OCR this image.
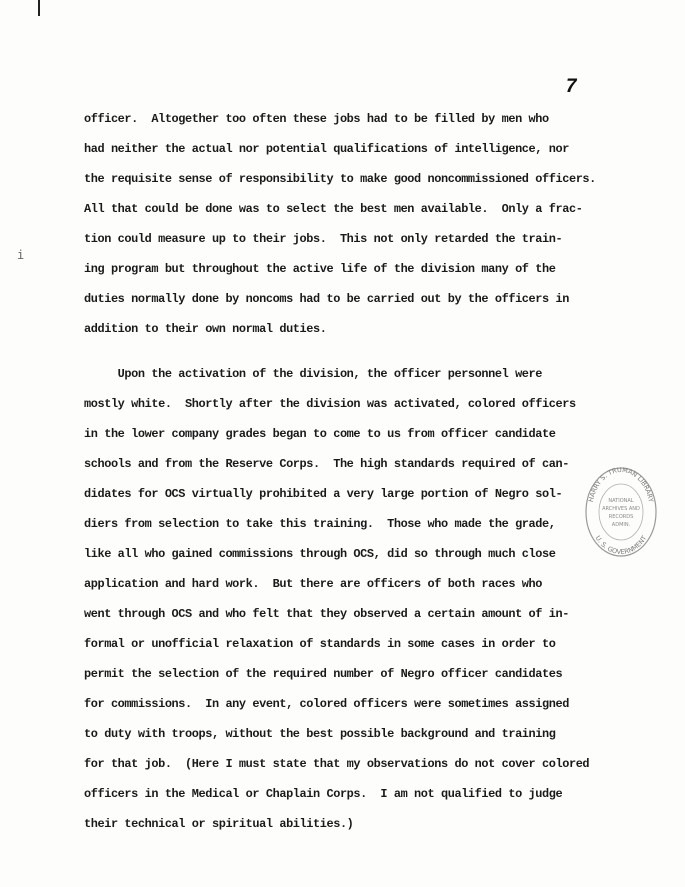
7
i
officer.  Altogether too often these jobs had to be filled by men who
had neither the actual nor potential qualifications of intelligence, nor
the requisite sense of responsibility to make good noncommissioned officers.
All that could be done was to select the best men available.  Only a frac-
tion could measure up to their jobs.  This not only retarded the train-
ing program but throughout the active life of the division many of the
duties normally done by noncoms had to be carried out by the officers in
addition to their own normal duties.
Upon the activation of the division, the officer personnel were
mostly white.  Shortly after the division was activated, colored officers
in the lower company grades began to come to us from officer candidate
schools and from the Reserve Corps.  The high standards required of can-
didates for OCS virtually prohibited a very large portion of Negro sol-
diers from selection to take this training.  Those who made the grade,
like all who gained commissions through OCS, did so through much close
application and hard work.  But there are officers of both races who
went through OCS and who felt that they observed a certain amount of in-
formal or unofficial relaxation of standards in some cases in order to
permit the selection of the required number of Negro officer candidates
for commissions.  In any event, colored officers were sometimes assigned
to duty with troops, without the best possible background and training
for that job.  (Here I must state that my observations do not cover colored
officers in the Medical or Chaplain Corps.  I am not qualified to judge
their technical or spiritual abilities.)
HARRY S. TRUMAN LIBRARY
U. S. GOVERNMENT
NATIONAL
ARCHIVES AND
RECORDS
ADMIN.
